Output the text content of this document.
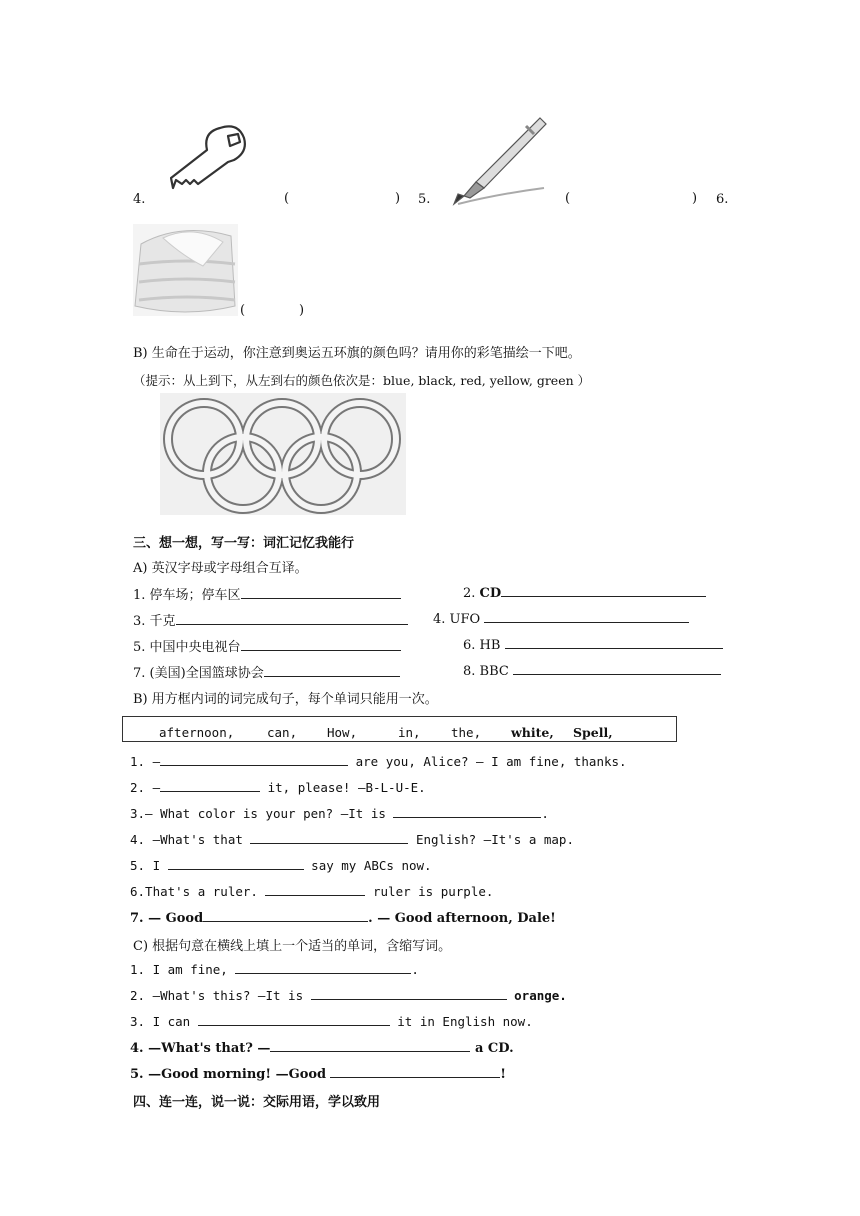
4.	(	) 5.	(	) 6.
(	)
B) 生命在于运动，你注意到奥运五环旗的颜色吗？请用你的彩笔描绘一下吧。
（提示：从上到下，从左到右的颜色依次是：blue, black, red, yellow, green ）
三、想一想，写一写：词汇记忆我能行
A) 英汉字母或字母组合互译。
1. 停车场；停车区	2. CD
3. 千克	4. UFO
5. 中国中央电视台	6. HB
7. (美国)全国篮球协会	8. BBC
B) 用方框内词的词完成句子，每个单词只能用一次。
afternoon,	can, How,	in, the, white, Spell,
1. —	are you, Alice? — I am fine, thanks.
2. —	it, please! —B-L-U-E.
3.— What color is your pen? —It is	.
4. —What's that	English? —It's a map.
5. I	say my ABCs now.
6.That's a ruler.	ruler is purple.
7. — Good	. — Good afternoon, Dale!
C) 根据句意在横线上填上一个适当的单词，含缩写词。
1. I am fine,	.
2. —What's this? —It is	orange.
3. I can	it in English now.
4. —What's that? —	a CD.
5. —Good morning! —Good	!
四、连一连，说一说：交际用语，学以致用
